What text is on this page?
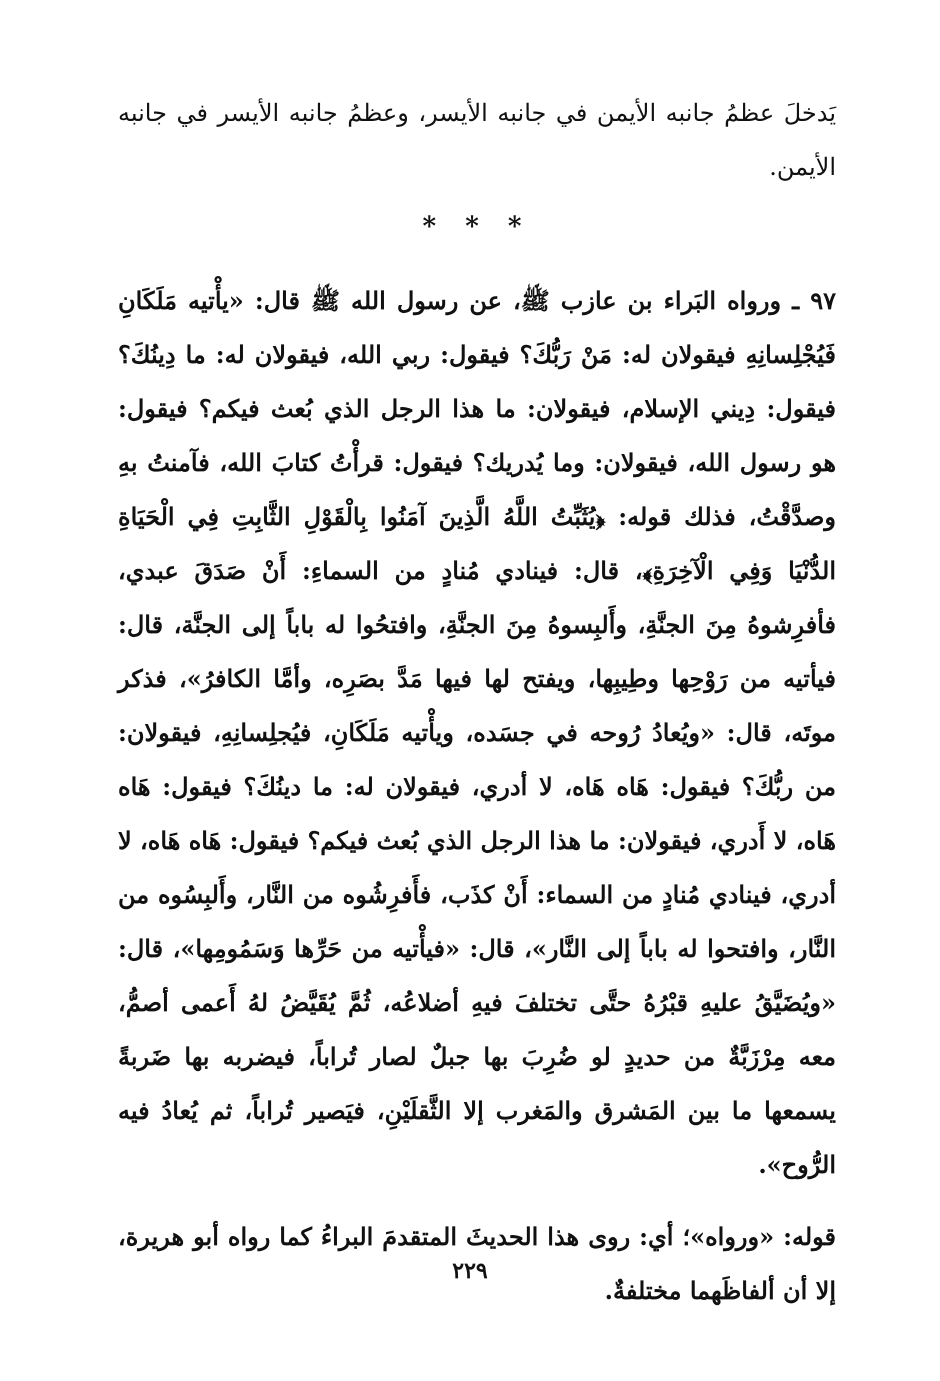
يَدخلَ عظمُ جانبه الأيمن في جانبه الأيسر، وعظمُ جانبه الأيسر في جانبه الأيمن.

* * *

٩٧ ـ ورواه البَراء بن عازب ﷺ، عن رسول الله ﷺ قال: «يأْتيه مَلَكَانِ فَيُجْلِسانِهِ فيقولان له: مَنْ رَبُّكَ؟ فيقول: ربي الله، فيقولان له: ما دِينُكَ؟ فيقول: دِيني الإسلام، فيقولان: ما هذا الرجل الذي بُعث فيكم؟ فيقول: هو رسول الله، فيقولان: وما يُدريك؟ فيقول: قرأْتُ كتابَ الله، فآمنتُ بهِ وصدَّقْتُ، فذلك قوله: ﴿يُثَبِّتُ اللَّهُ الَّذِينَ آمَنُوا بِالْقَوْلِ الثَّابِتِ فِي الْحَيَاةِ الدُّنْيَا وَفِي الْآخِرَةِ﴾، قال: فينادي مُنادٍ من السماءِ: أَنْ صَدَقَ عبدي، فأفرِشوهُ مِنَ الجنَّةِ، وأَلبِسوهُ مِنَ الجنَّةِ، وافتحُوا له باباً إلى الجنَّة، قال: فيأتيه من رَوْحِها وطِيبِها، ويفتح لها فيها مَدَّ بصَرِه، وأمَّا الكافرُ»، فذكر موتَه، قال: «ويُعادُ رُوحه في جسَده، ويأْتيه مَلَكَانِ، فيُجلِسانِهِ، فيقولان: من ربُّكَ؟ فيقول: هَاه هَاه، لا أدري، فيقولان له: ما دينُكَ؟ فيقول: هَاه هَاه، لا أَدري، فيقولان: ما هذا الرجل الذي بُعث فيكم؟ فيقول: هَاه هَاه، لا أدري، فينادي مُنادٍ من السماء: أَنْ كذَب، فأَفرِشُوه من النَّار، وأَلبِسُوه من النَّار، وافتحوا له باباً إلى النَّار»، قال: «فيأْتيه من حَرِّها وَسَمُومِها»، قال: «ويُضَيَّقُ عليهِ قبْرُهُ حتَّى تختلفَ فيهِ أضلاعُه، ثُمَّ يُقَيَّضُ لهُ أَعمى أصمُّ، معه مِرْزَبَّةٌ من حديدٍ لو ضُرِبَ بها جبلٌ لصار تُراباً، فيضربه بها ضَربةً يسمعها ما بين المَشرق والمَغرب إلا الثَّقلَيْنِ، فيَصير تُراباً، ثم يُعادُ فيه الرُّوح».

قوله: «ورواه»؛ أي: روى هذا الحديثَ المتقدمَ البراءُ كما رواه أبو هريرة، إلا أن ألفاظَهما مختلفةٌ.

٢٢٩
